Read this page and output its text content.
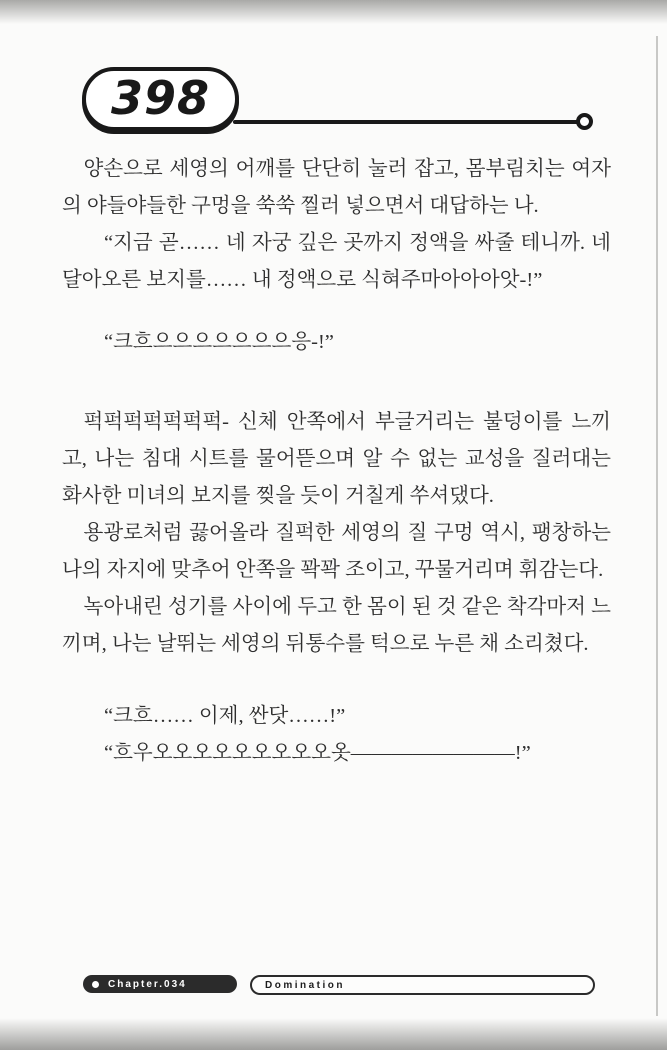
398

양손으로 세영의 어깨를 단단히 눌러 잡고, 몸부림치는 여자의 야들야들한 구멍을 쑥쑥 찔러 넣으면서 대답하는 나.

“지금 곧…… 네 자궁 깊은 곳까지 정액을 싸줄 테니까. 네 달아오른 보지를…… 내 정액으로 식혀주마아아아앗-!”

“크흐으으으으으으으응-!”

퍽퍽퍽퍽퍽퍽퍽- 신체 안쪽에서 부글거리는 불덩이를 느끼고, 나는 침대 시트를 물어뜯으며 알 수 없는 교성을 질러대는 화사한 미녀의 보지를 찢을 듯이 거칠게 쑤셔댔다.

용광로처럼 끓어올라 질퍽한 세영의 질 구멍 역시, 팽창하는 나의 자지에 맞추어 안쪽을 꽉꽉 조이고, 꾸물거리며 휘감는다.

녹아내린 성기를 사이에 두고 한 몸이 된 것 같은 착각마저 느끼며, 나는 날뛰는 세영의 뒤통수를 턱으로 누른 채 소리쳤다.

“크흐…… 이제, 싼닷……!”

“흐우오오오오오오오오오옷————————!”

Chapter.034	Domination
